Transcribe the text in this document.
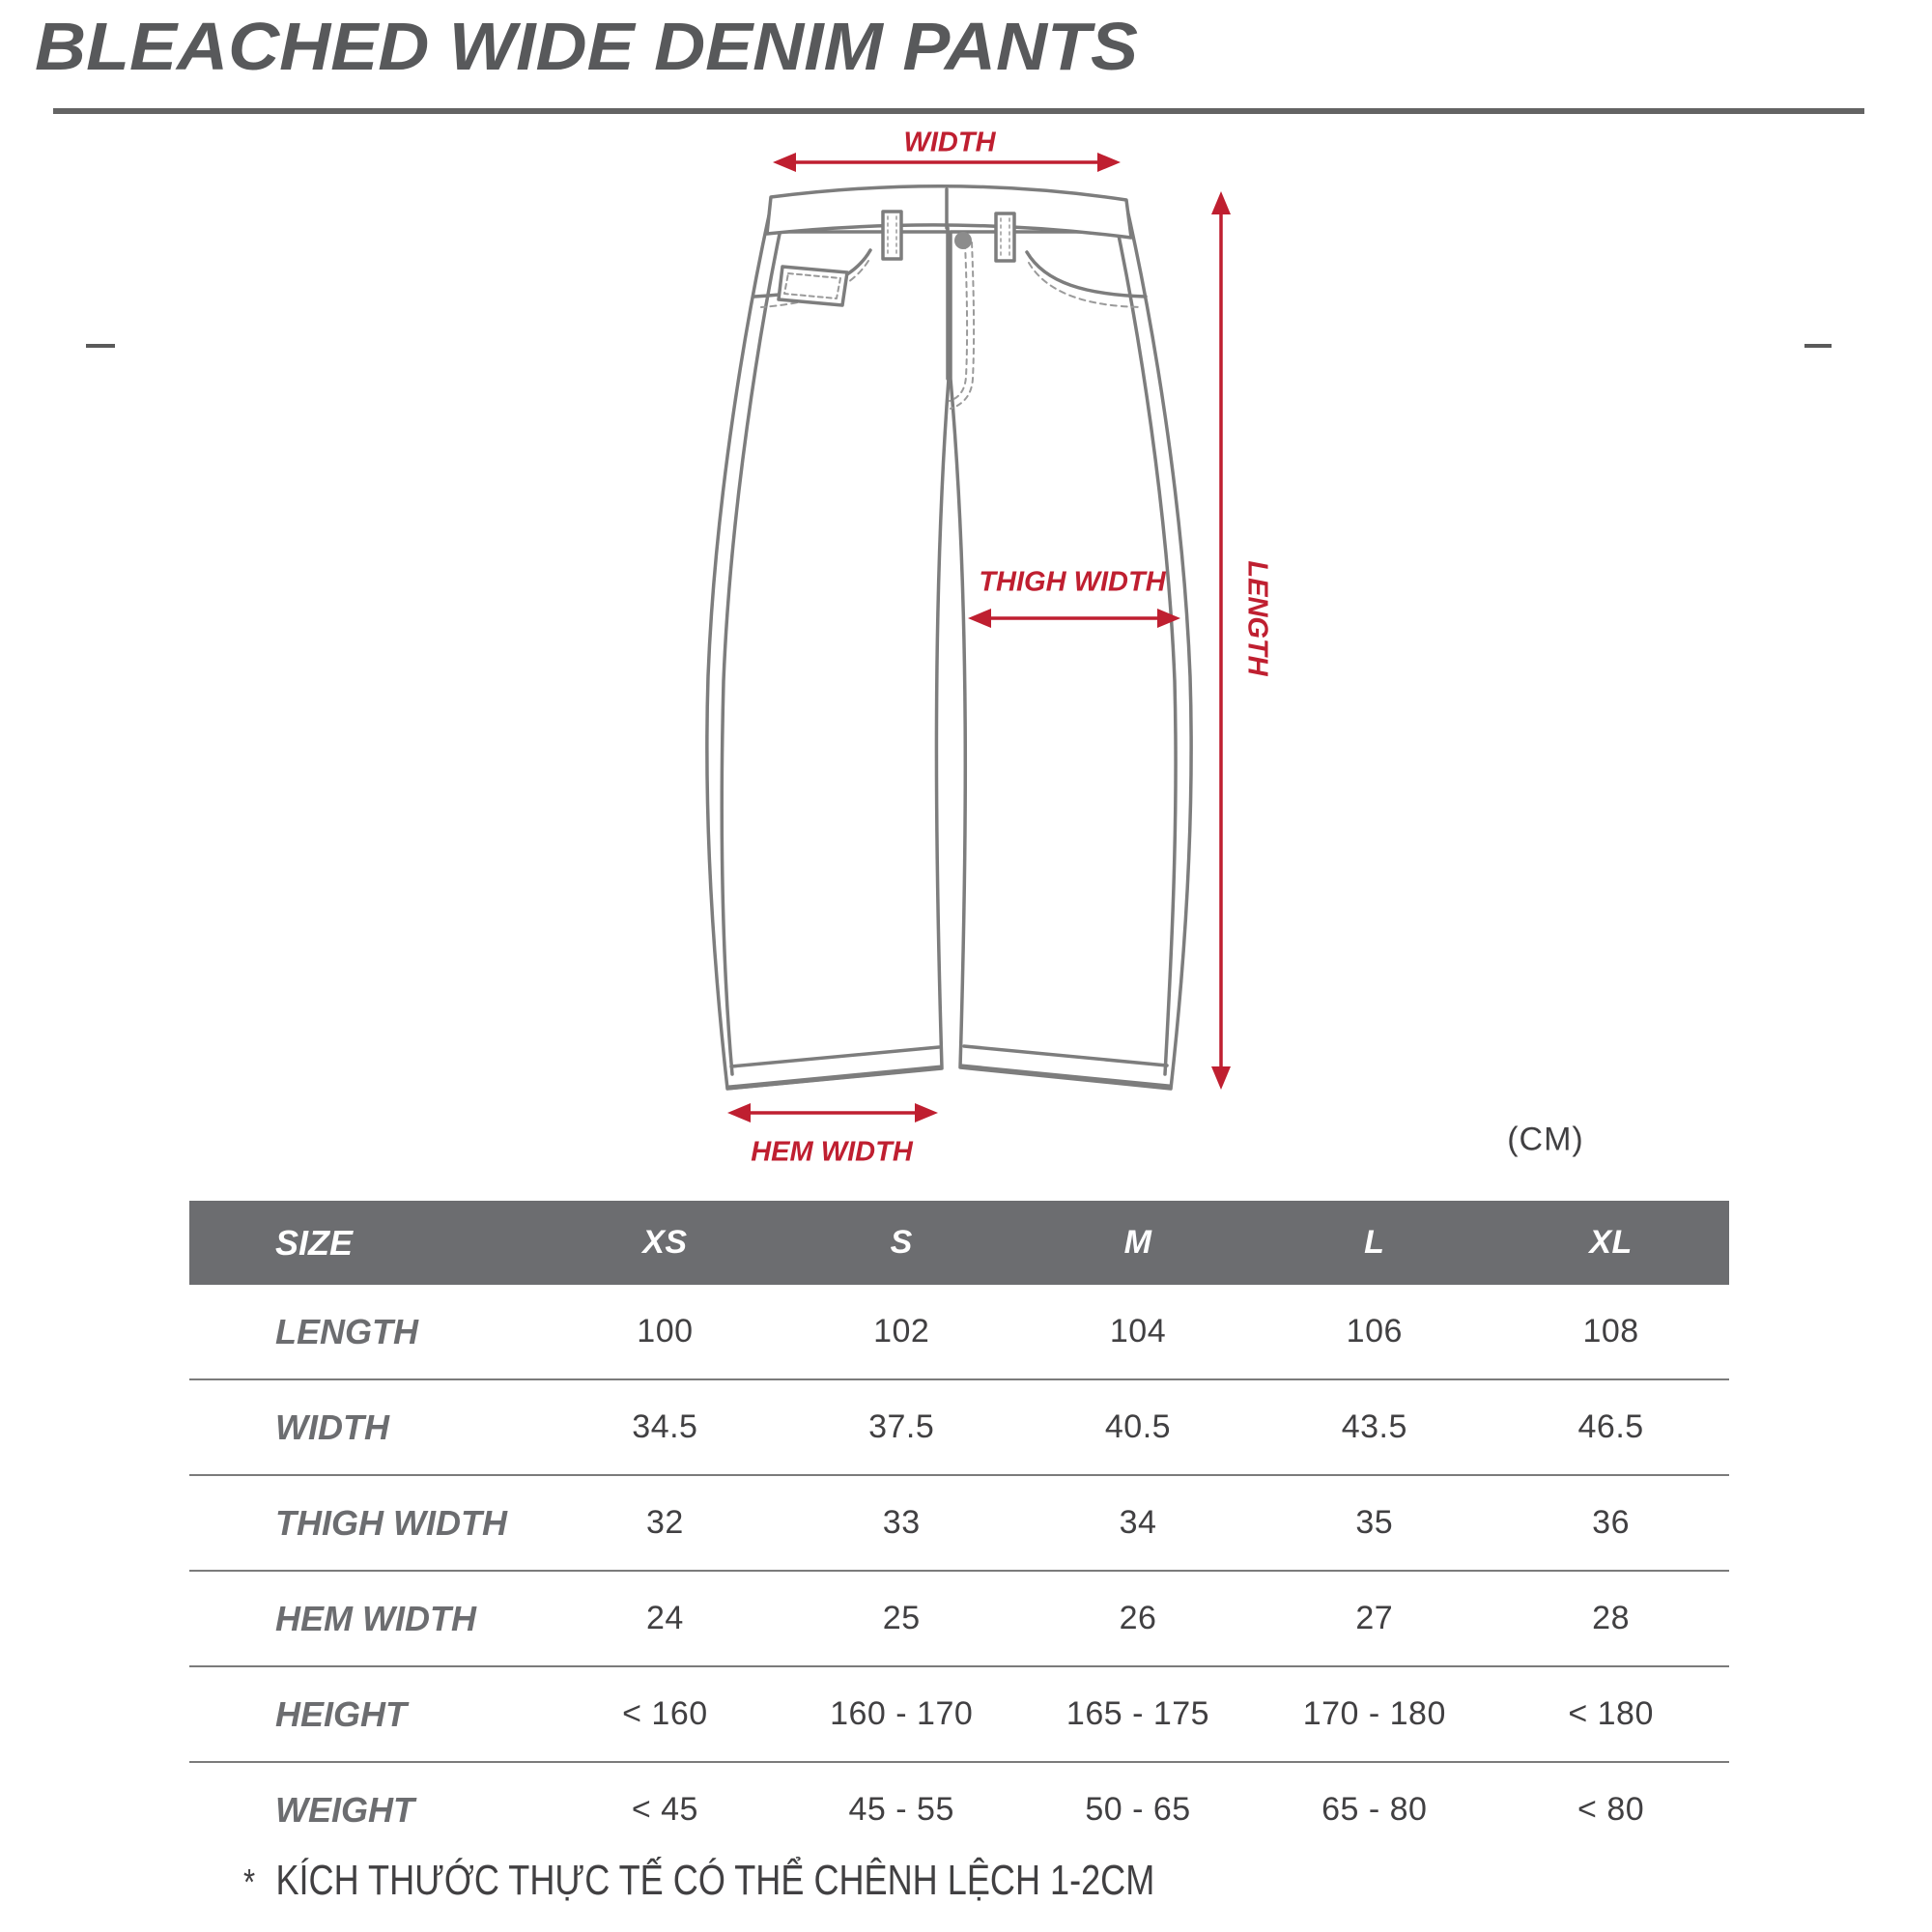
BLEACHED WIDE DENIM PANTS
WIDTH
LENGTH
THIGH WIDTH
HEM WIDTH	(CM)
SIZE	XS	S	M	L	XL
LENGTH	100	102	104	106	108
WIDTH	34.5	37.5	40.5	43.5	46.5
THIGH WIDTH	32	33	34	35	36
HEM WIDTH	24	25	26	27	28
HEIGHT	< 160	160 - 170	165 - 175	170 - 180	< 180
WEIGHT	< 45	45 - 55	50 - 65	65 - 80	< 80
* KÍCH THƯỚC THỰC TẾ CÓ THỂ CHÊNH LỆCH 1-2CM
